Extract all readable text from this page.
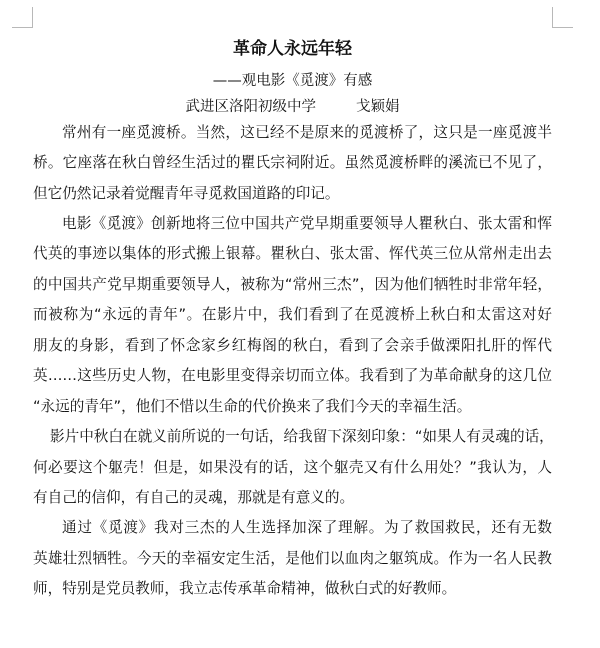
革命人永远年轻
——观电影《觅渡》有感
武进区洛阳初级中学	戈颖娟
常州有一座觅渡桥。当然，这已经不是原来的觅渡桥了，这只是一座觅渡半
桥。它座落在秋白曾经生活过的瞿氏宗祠附近。虽然觅渡桥畔的溪流已不见了，
但它仍然记录着觉醒青年寻觅救国道路的印记。
电影《觅渡》创新地将三位中国共产党早期重要领导人瞿秋白、张太雷和恽
代英的事迹以集体的形式搬上银幕。瞿秋白、张太雷、恽代英三位从常州走出去
的中国共产党早期重要领导人，被称为“常州三杰”，因为他们牺牲时非常年轻，
而被称为“永远的青年”。在影片中，我们看到了在觅渡桥上秋白和太雷这对好
朋友的身影，看到了怀念家乡红梅阁的秋白，看到了会亲手做溧阳扎肝的恽代
英……这些历史人物，在电影里变得亲切而立体。我看到了为革命献身的这几位
“永远的青年”，他们不惜以生命的代价换来了我们今天的幸福生活。
影片中秋白在就义前所说的一句话，给我留下深刻印象：“如果人有灵魂的话，
何必要这个躯壳！但是，如果没有的话，这个躯壳又有什么用处？”我认为，人
有自己的信仰，有自己的灵魂，那就是有意义的。
通过《觅渡》我对三杰的人生选择加深了理解。为了救国救民，还有无数
英雄壮烈牺牲。今天的幸福安定生活，是他们以血肉之躯筑成。作为一名人民教
师，特别是党员教师，我立志传承革命精神，做秋白式的好教师。
